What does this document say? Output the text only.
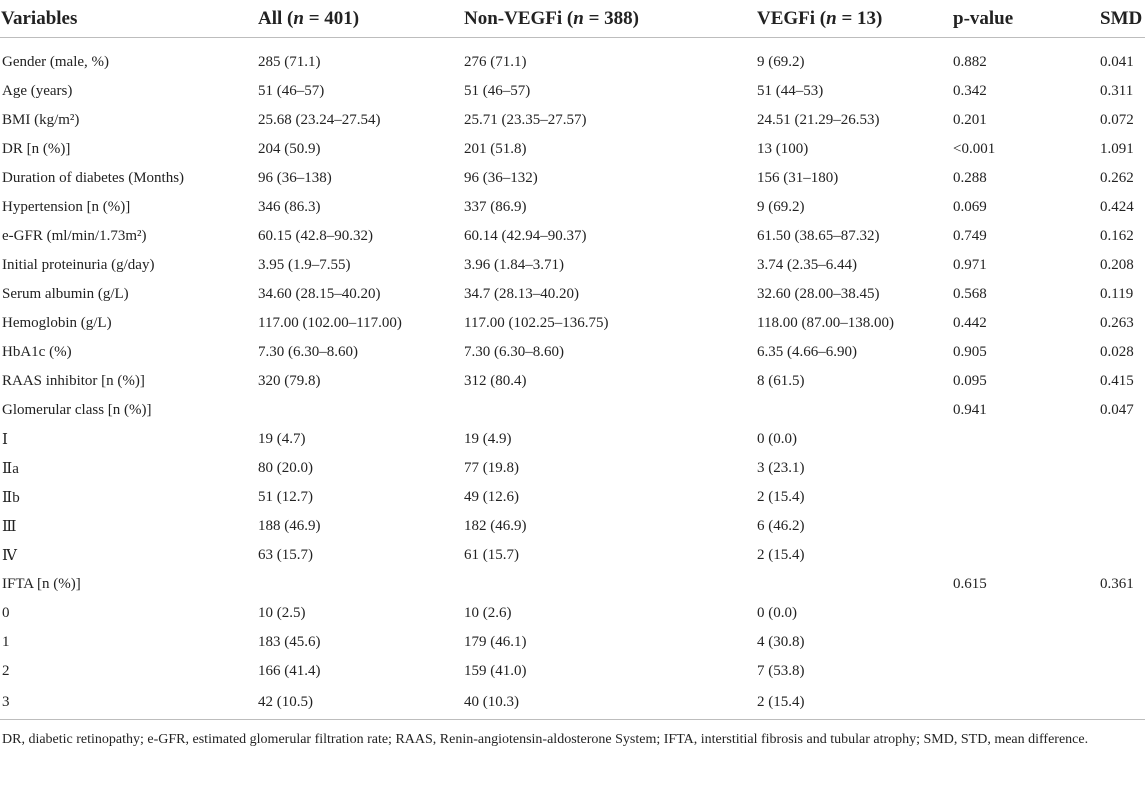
Variables	All (n = 401)	Non-VEGFi (n = 388)	VEGFi (n = 13)	p-value	SMD
Gender (male, %)	285 (71.1)	276 (71.1)	9 (69.2)	0.882	0.041
Age (years)	51 (46–57)	51 (46–57)	51 (44–53)	0.342	0.311
BMI (kg/m²)	25.68 (23.24–27.54)	25.71 (23.35–27.57)	24.51 (21.29–26.53)	0.201	0.072
DR [n (%)]	204 (50.9)	201 (51.8)	13 (100)	<0.001	1.091
Duration of diabetes (Months)	96 (36–138)	96 (36–132)	156 (31–180)	0.288	0.262
Hypertension [n (%)]	346 (86.3)	337 (86.9)	9 (69.2)	0.069	0.424
e-GFR (ml/min/1.73m²)	60.15 (42.8–90.32)	60.14 (42.94–90.37)	61.50 (38.65–87.32)	0.749	0.162
Initial proteinuria (g/day)	3.95 (1.9–7.55)	3.96 (1.84–3.71)	3.74 (2.35–6.44)	0.971	0.208
Serum albumin (g/L)	34.60 (28.15–40.20)	34.7 (28.13–40.20)	32.60 (28.00–38.45)	0.568	0.119
Hemoglobin (g/L)	117.00 (102.00–117.00)	117.00 (102.25–136.75)	118.00 (87.00–138.00)	0.442	0.263
HbA1c (%)	7.30 (6.30–8.60)	7.30 (6.30–8.60)	6.35 (4.66–6.90)	0.905	0.028
RAAS inhibitor [n (%)]	320 (79.8)	312 (80.4)	8 (61.5)	0.095	0.415
Glomerular class [n (%)]				0.941	0.047
Ⅰ	19 (4.7)	19 (4.9)	0 (0.0)		
Ⅱa	80 (20.0)	77 (19.8)	3 (23.1)		
Ⅱb	51 (12.7)	49 (12.6)	2 (15.4)		
Ⅲ	188 (46.9)	182 (46.9)	6 (46.2)		
Ⅳ	63 (15.7)	61 (15.7)	2 (15.4)		
IFTA [n (%)]				0.615	0.361
0	10 (2.5)	10 (2.6)	0 (0.0)		
1	183 (45.6)	179 (46.1)	4 (30.8)		
2	166 (41.4)	159 (41.0)	7 (53.8)		
3	42 (10.5)	40 (10.3)	2 (15.4)		
DR, diabetic retinopathy; e-GFR, estimated glomerular filtration rate; RAAS, Renin-angiotensin-aldosterone System; IFTA, interstitial fibrosis and tubular atrophy; SMD, STD, mean difference.
